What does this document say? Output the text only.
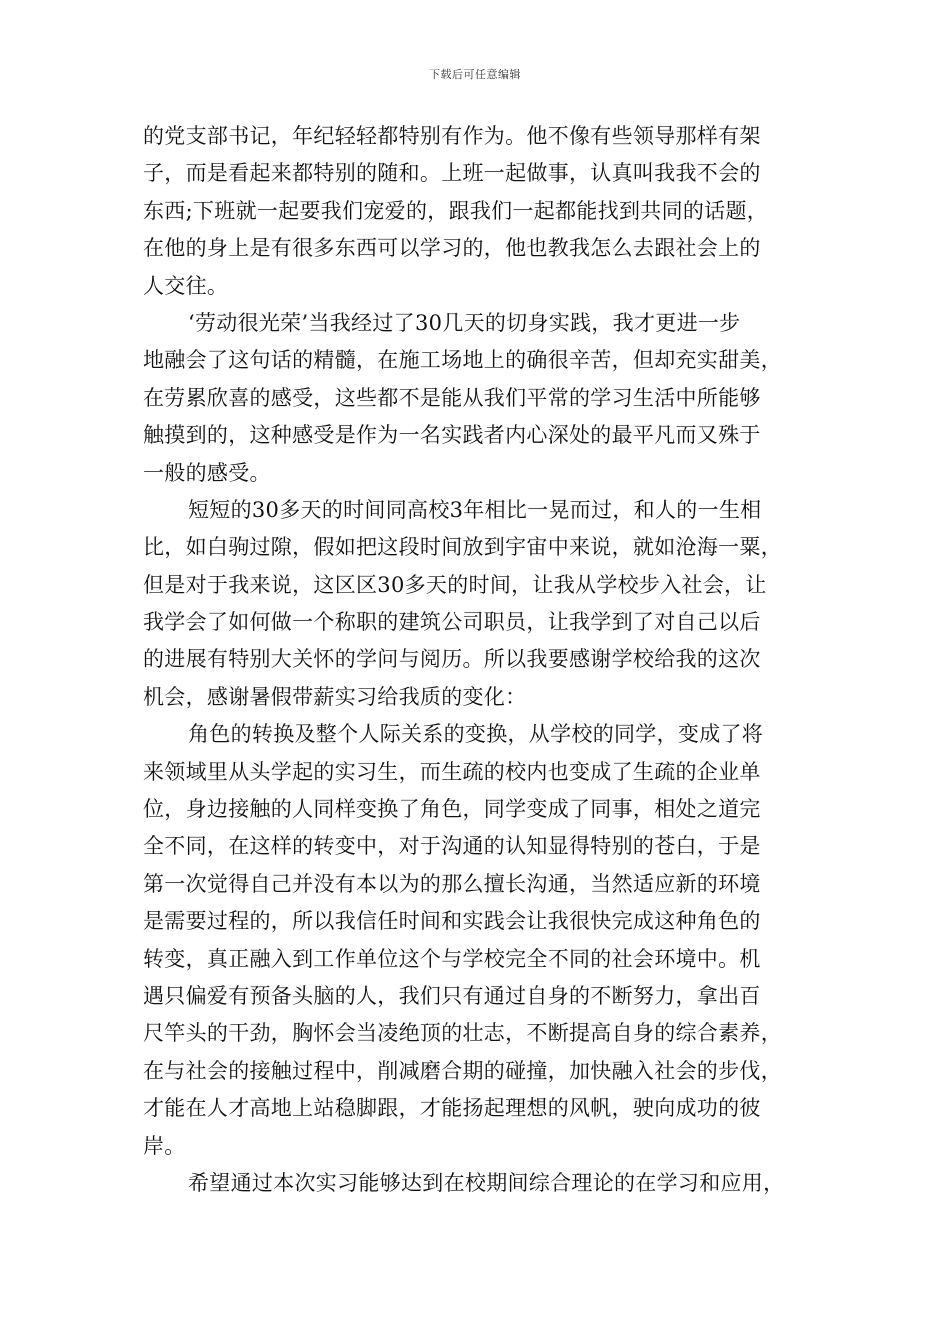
下载后可任意编辑
的党支部书记，年纪轻轻都特别有作为。他不像有些领导那样有架
子，而是看起来都特别的随和。上班一起做事，认真叫我我不会的
东西;下班就一起要我们宠爱的，跟我们一起都能找到共同的话题，
在他的身上是有很多东西可以学习的，他也教我怎么去跟社会上的
人交往。
‘劳动很光荣’当我经过了30几天的切身实践，我才更进一步
地融会了这句话的精髓，在施工场地上的确很辛苦，但却充实甜美，
在劳累欣喜的感受，这些都不是能从我们平常的学习生活中所能够
触摸到的，这种感受是作为一名实践者内心深处的最平凡而又殊于
一般的感受。
短短的30多天的时间同高校3年相比一晃而过，和人的一生相
比，如白驹过隙，假如把这段时间放到宇宙中来说，就如沧海一粟，
但是对于我来说，这区区30多天的时间，让我从学校步入社会，让
我学会了如何做一个称职的建筑公司职员，让我学到了对自己以后
的进展有特别大关怀的学问与阅历。所以我要感谢学校给我的这次
机会，感谢暑假带薪实习给我质的变化：
角色的转换及整个人际关系的变换，从学校的同学，变成了将
来领域里从头学起的实习生，而生疏的校内也变成了生疏的企业单
位，身边接触的人同样变换了角色，同学变成了同事，相处之道完
全不同，在这样的转变中，对于沟通的认知显得特别的苍白，于是
第一次觉得自己并没有本以为的那么擅长沟通，当然适应新的环境
是需要过程的，所以我信任时间和实践会让我很快完成这种角色的
转变，真正融入到工作单位这个与学校完全不同的社会环境中。机
遇只偏爱有预备头脑的人，我们只有通过自身的不断努力，拿出百
尺竿头的干劲，胸怀会当凌绝顶的壮志，不断提高自身的综合素养，
在与社会的接触过程中，削减磨合期的碰撞，加快融入社会的步伐，
才能在人才高地上站稳脚跟，才能扬起理想的风帆，驶向成功的彼
岸。
希望通过本次实习能够达到在校期间综合理论的在学习和应用，
